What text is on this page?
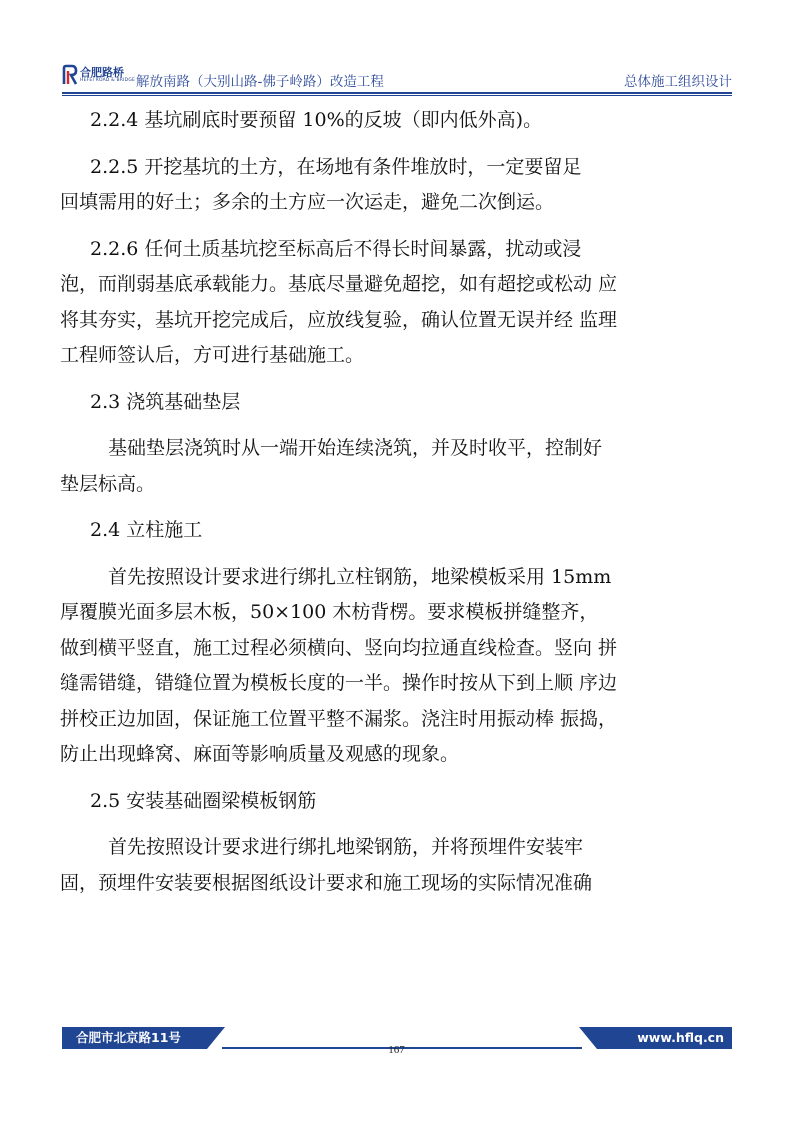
合肥路桥
HEFEI ROAD & BRIDGE 解放南路（大别山路-佛子岭路）改造工程	总体施工组织设计

2.2.4 基坑刷底时要预留 10%的反坡（即内低外高)。

2.2.5 开挖基坑的土方，在场地有条件堆放时，一定要留足
回填需用的好土；多余的土方应一次运走，避免二次倒运。

2.2.6 任何土质基坑挖至标高后不得长时间暴露，扰动或浸
泡，而削弱基底承载能力。基底尽量避免超挖，如有超挖或松动 应
将其夯实，基坑开挖完成后，应放线复验，确认位置无误并经 监理
工程师签认后，方可进行基础施工。

2.3 浇筑基础垫层

基础垫层浇筑时从一端开始连续浇筑，并及时收平，控制好
垫层标高。

2.4 立柱施工

首先按照设计要求进行绑扎立柱钢筋，地梁模板采用 15mm
厚覆膜光面多层木板，50×100 木枋背楞。要求模板拼缝整齐，
做到横平竖直，施工过程必须横向、竖向均拉通直线检查。竖向 拼
缝需错缝，错缝位置为模板长度的一半。操作时按从下到上顺 序边
拼校正边加固，保证施工位置平整不漏浆。浇注时用振动棒 振捣，
防止出现蜂窝、麻面等影响质量及观感的现象。

2.5 安装基础圈梁模板钢筋

首先按照设计要求进行绑扎地梁钢筋，并将预埋件安装牢
固，预埋件安装要根据图纸设计要求和施工现场的实际情况准确

合肥市北京路11号	www.hflq.cn
167
